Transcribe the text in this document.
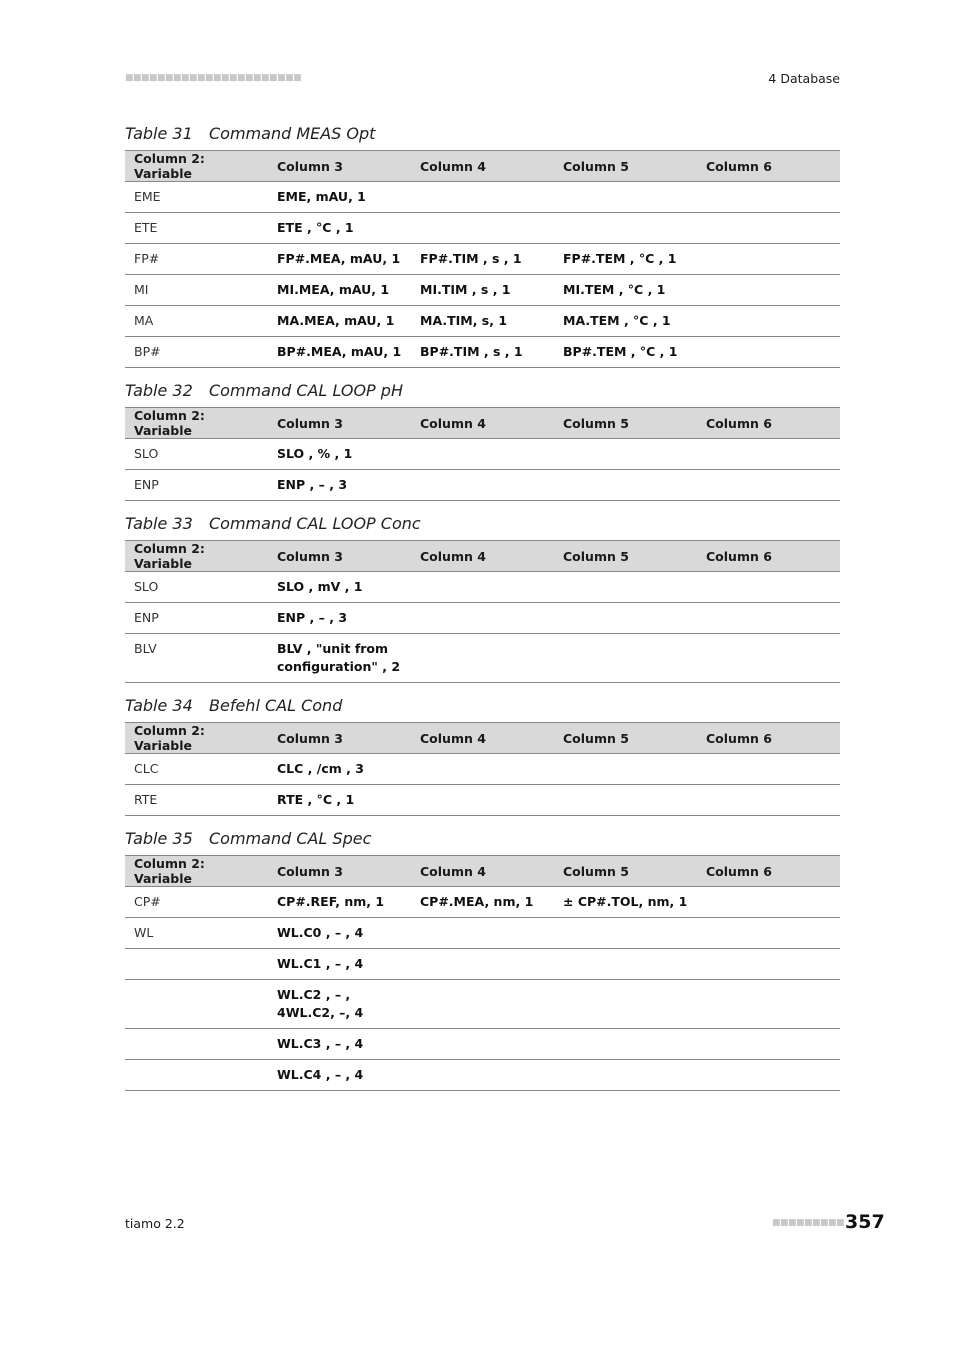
■■■■■■■■■■■■■■■■■■■■■■	4 Database
Table 31 Command MEAS Opt
Column 2: Variable	Column 3	Column 4	Column 5	Column 6
EME	EME, mAU, 1			
ETE	ETE , °C , 1			
FP#	FP#.MEA, mAU, 1	FP#.TIM , s , 1	FP#.TEM , °C , 1	
MI	MI.MEA, mAU, 1	MI.TIM , s , 1	MI.TEM , °C , 1	
MA	MA.MEA, mAU, 1	MA.TIM, s, 1	MA.TEM , °C , 1	
BP#	BP#.MEA, mAU, 1	BP#.TIM , s , 1	BP#.TEM , °C , 1	
Table 32 Command CAL LOOP pH
Column 2: Variable	Column 3	Column 4	Column 5	Column 6
SLO	SLO , % , 1			
ENP	ENP , – , 3			
Table 33 Command CAL LOOP Conc
Column 2: Variable	Column 3	Column 4	Column 5	Column 6
SLO	SLO , mV , 1			
ENP	ENP , – , 3			
BLV	BLV , "unit from configuration" , 2			
Table 34 Befehl CAL Cond
Column 2: Variable	Column 3	Column 4	Column 5	Column 6
CLC	CLC , /cm , 3			
RTE	RTE , °C , 1			
Table 35 Command CAL Spec
Column 2: Variable	Column 3	Column 4	Column 5	Column 6
CP#	CP#.REF, nm, 1	CP#.MEA, nm, 1	± CP#.TOL, nm, 1	
WL	WL.C0 , – , 4			
	WL.C1 , – , 4			
	WL.C2 , – , 4WL.C2, –, 4			
	WL.C3 , – , 4			
	WL.C4 , – , 4			
tiamo 2.2	■■■■■■■■■ 357
